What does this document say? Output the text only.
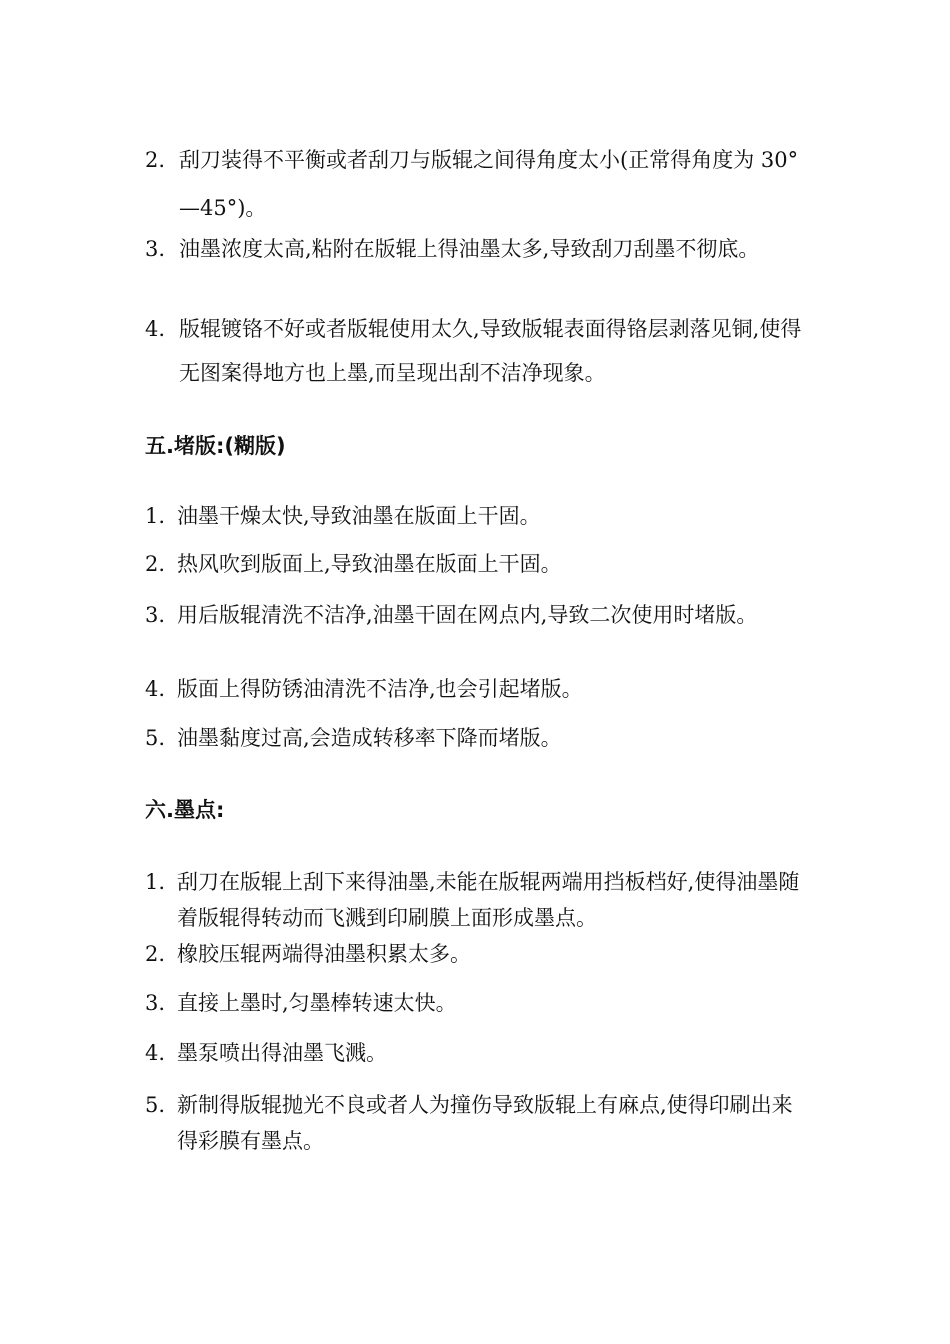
2. 刮刀装得不平衡或者刮刀与版辊之间得角度太小(正常得角度为 30°—45°)。
3. 油墨浓度太高,粘附在版辊上得油墨太多,导致刮刀刮墨不彻底。
4. 版辊镀铬不好或者版辊使用太久,导致版辊表面得铬层剥落见铜,使得无图案得地方也上墨,而呈现出刮不洁净现象。
五.堵版:(糊版)
1. 油墨干燥太快,导致油墨在版面上干固。
2. 热风吹到版面上,导致油墨在版面上干固。
3. 用后版辊清洗不洁净,油墨干固在网点内,导致二次使用时堵版。
4. 版面上得防锈油清洗不洁净,也会引起堵版。
5. 油墨黏度过高,会造成转移率下降而堵版。
六.墨点:
1. 刮刀在版辊上刮下来得油墨,未能在版辊两端用挡板档好,使得油墨随着版辊得转动而飞溅到印刷膜上面形成墨点。
2. 橡胶压辊两端得油墨积累太多。
3. 直接上墨时,匀墨棒转速太快。
4. 墨泵喷出得油墨飞溅。
5. 新制得版辊抛光不良或者人为撞伤导致版辊上有麻点,使得印刷出来得彩膜有墨点。
